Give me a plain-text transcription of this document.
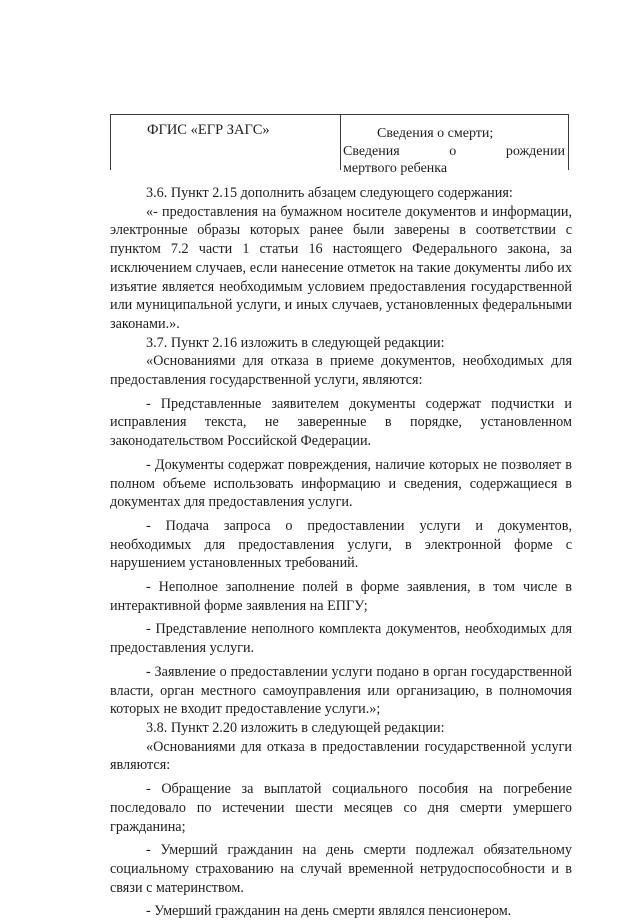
ФГИС «ЕГР ЗАГС»	Сведения о смерти;
Сведения о рождении
мертвого ребенка

3.6. Пункт 2.15 дополнить абзацем следующего содержания:

«- предоставления на бумажном носителе документов и информации, электронные образы которых ранее были заверены в соответствии с пунктом 7.2 части 1 статьи 16 настоящего Федерального закона, за исключением случаев, если нанесение отметок на такие документы либо их изъятие является необходимым условием предоставления государственной или муниципальной услуги, и иных случаев, установленных федеральными законами.».

3.7. Пункт 2.16 изложить в следующей редакции:

«Основаниями для отказа в приеме документов, необходимых для предоставления государственной услуги, являются:

- Представленные заявителем документы содержат подчистки и исправления текста, не заверенные в порядке, установленном законодательством Российской Федерации.

- Документы содержат повреждения, наличие которых не позволяет в полном объеме использовать информацию и сведения, содержащиеся в документах для предоставления услуги.

- Подача запроса о предоставлении услуги и документов, необходимых для предоставления услуги, в электронной форме с нарушением установленных требований.

- Неполное заполнение полей в форме заявления, в том числе в интерактивной форме заявления на ЕПГУ;

- Представление неполного комплекта документов, необходимых для предоставления услуги.

- Заявление о предоставлении услуги подано в орган государственной власти, орган местного самоуправления или организацию, в полномочия которых не входит предоставление услуги.»;

3.8. Пункт 2.20 изложить в следующей редакции:

«Основаниями для отказа в предоставлении государственной услуги являются:

- Обращение за выплатой социального пособия на погребение последовало по истечении шести месяцев со дня смерти умершего гражданина;

- Умерший гражданин на день смерти подлежал обязательному социальному страхованию на случай временной нетрудоспособности и в связи с материнством.

- Умерший гражданин на день смерти являлся пенсионером.
